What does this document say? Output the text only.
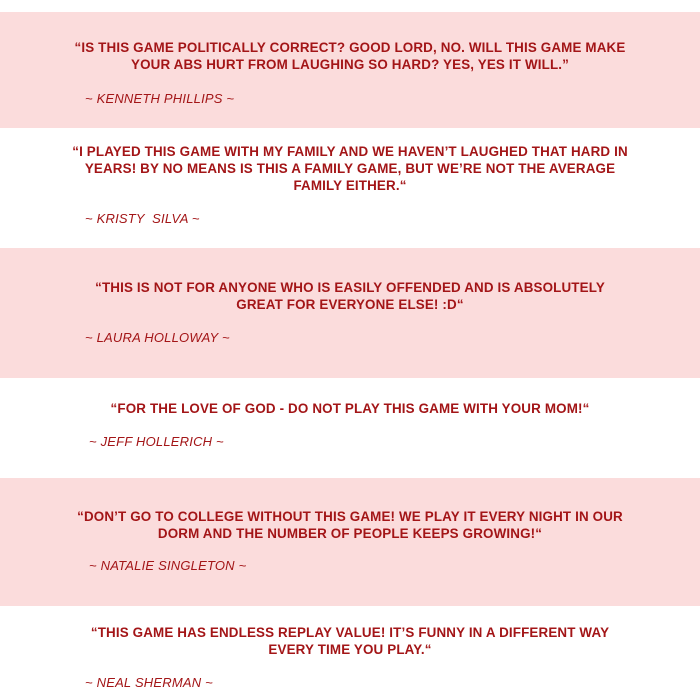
“IS THIS GAME POLITICALLY CORRECT? GOOD LORD, NO. WILL THIS GAME MAKE YOUR ABS HURT FROM LAUGHING SO HARD? YES, YES IT WILL.”

~ KENNETH PHILLIPS ~

“I PLAYED THIS GAME WITH MY FAMILY AND WE HAVEN’T LAUGHED THAT HARD IN YEARS! BY NO MEANS IS THIS A FAMILY GAME, BUT WE’RE NOT THE AVERAGE FAMILY EITHER.“

~ KRISTY  SILVA ~

“THIS IS NOT FOR ANYONE WHO IS EASILY OFFENDED AND IS ABSOLUTELY GREAT FOR EVERYONE ELSE! :D“

~ LAURA HOLLOWAY ~

“FOR THE LOVE OF GOD - DO NOT PLAY THIS GAME WITH YOUR MOM!“

~ JEFF HOLLERICH ~

“DON’T GO TO COLLEGE WITHOUT THIS GAME! WE PLAY IT EVERY NIGHT IN OUR DORM AND THE NUMBER OF PEOPLE KEEPS GROWING!“

~ NATALIE SINGLETON ~

“THIS GAME HAS ENDLESS REPLAY VALUE! IT’S FUNNY IN A DIFFERENT WAY EVERY TIME YOU PLAY.“

~ NEAL SHERMAN ~
